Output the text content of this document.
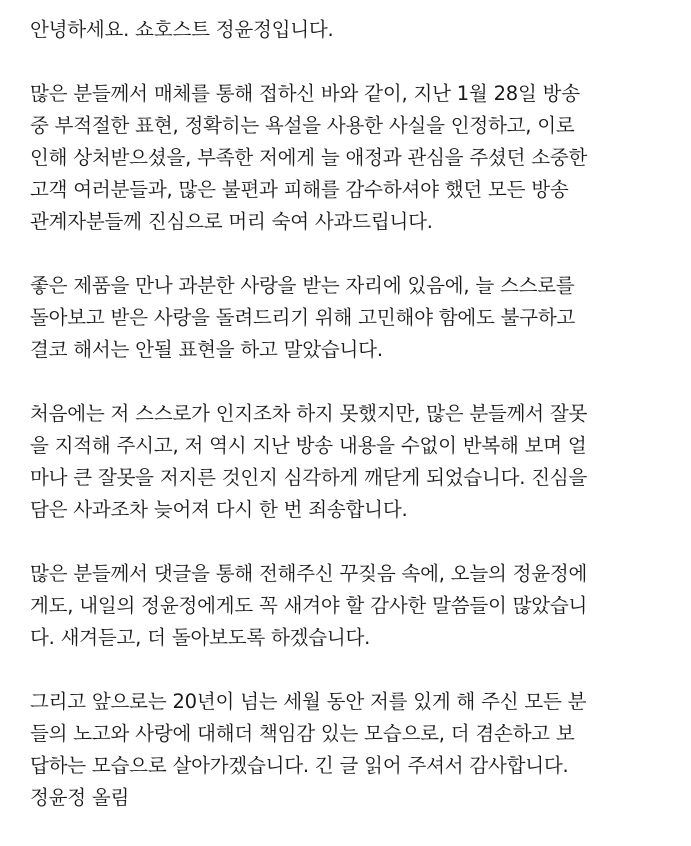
안녕하세요. 쇼호스트 정윤정입니다.

많은 분들께서 매체를 통해 접하신 바와 같이, 지난 1월 28일 방송
중 부적절한 표현, 정확히는 욕설을 사용한 사실을 인정하고, 이로
인해 상처받으셨을, 부족한 저에게 늘 애정과 관심을 주셨던 소중한
고객 여러분들과, 많은 불편과 피해를 감수하셔야 했던 모든 방송
관계자분들께 진심으로 머리 숙여 사과드립니다.

좋은 제품을 만나 과분한 사랑을 받는 자리에 있음에, 늘 스스로를
돌아보고 받은 사랑을 돌려드리기 위해 고민해야 함에도 불구하고
결코 해서는 안될 표현을 하고 말았습니다.

처음에는 저 스스로가 인지조차 하지 못했지만, 많은 분들께서 잘못
을 지적해 주시고, 저 역시 지난 방송 내용을 수없이 반복해 보며 얼
마나 큰 잘못을 저지른 것인지 심각하게 깨닫게 되었습니다. 진심을
담은 사과조차 늦어져 다시 한 번 죄송합니다.

많은 분들께서 댓글을 통해 전해주신 꾸짖음 속에, 오늘의 정윤정에
게도, 내일의 정윤정에게도 꼭 새겨야 할 감사한 말씀들이 많았습니
다. 새겨듣고, 더 돌아보도록 하겠습니다.

그리고 앞으로는 20년이 넘는 세월 동안 저를 있게 해 주신 모든 분
들의 노고와 사랑에 대해더 책임감 있는 모습으로, 더 겸손하고 보
답하는 모습으로 살아가겠습니다. 긴 글 읽어 주셔서 감사합니다.
정윤정 올림
